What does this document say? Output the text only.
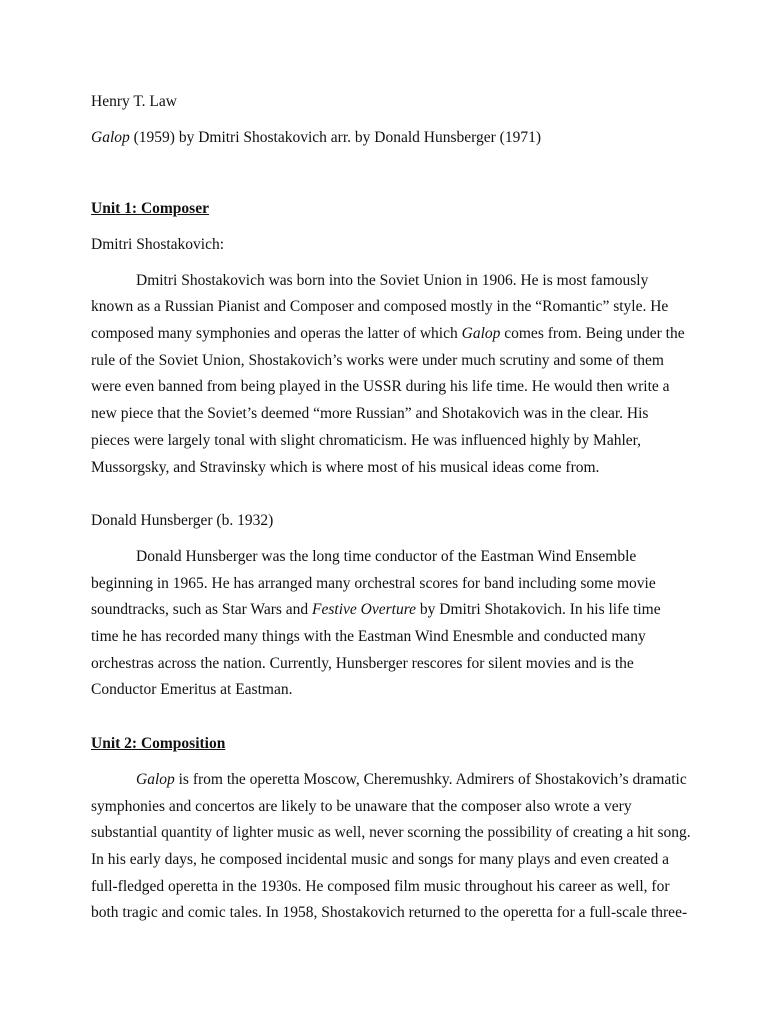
Henry T. Law
Galop (1959) by Dmitri Shostakovich arr. by Donald Hunsberger (1971)
Unit 1: Composer
Dmitri Shostakovich:
Dmitri Shostakovich was born into the Soviet Union in 1906. He is most famously
known as a Russian Pianist and Composer and composed mostly in the “Romantic” style. He
composed many symphonies and operas the latter of which Galop comes from. Being under the
rule of the Soviet Union, Shostakovich’s works were under much scrutiny and some of them
were even banned from being played in the USSR during his life time. He would then write a
new piece that the Soviet’s deemed “more Russian” and Shotakovich was in the clear. His
pieces were largely tonal with slight chromaticism. He was influenced highly by Mahler,
Mussorgsky, and Stravinsky which is where most of his musical ideas come from.
Donald Hunsberger (b. 1932)
Donald Hunsberger was the long time conductor of the Eastman Wind Ensemble
beginning in 1965. He has arranged many orchestral scores for band including some movie
soundtracks, such as Star Wars and Festive Overture by Dmitri Shotakovich. In his life time
time he has recorded many things with the Eastman Wind Enesmble and conducted many
orchestras across the nation. Currently, Hunsberger rescores for silent movies and is the
Conductor Emeritus at Eastman.
Unit 2: Composition
Galop is from the operetta Moscow, Cheremushky. Admirers of Shostakovich’s dramatic
symphonies and concertos are likely to be unaware that the composer also wrote a very
substantial quantity of lighter music as well, never scorning the possibility of creating a hit song.
In his early days, he composed incidental music and songs for many plays and even created a
full-fledged operetta in the 1930s. He composed film music throughout his career as well, for
both tragic and comic tales. In 1958, Shostakovich returned to the operetta for a full-scale three-
